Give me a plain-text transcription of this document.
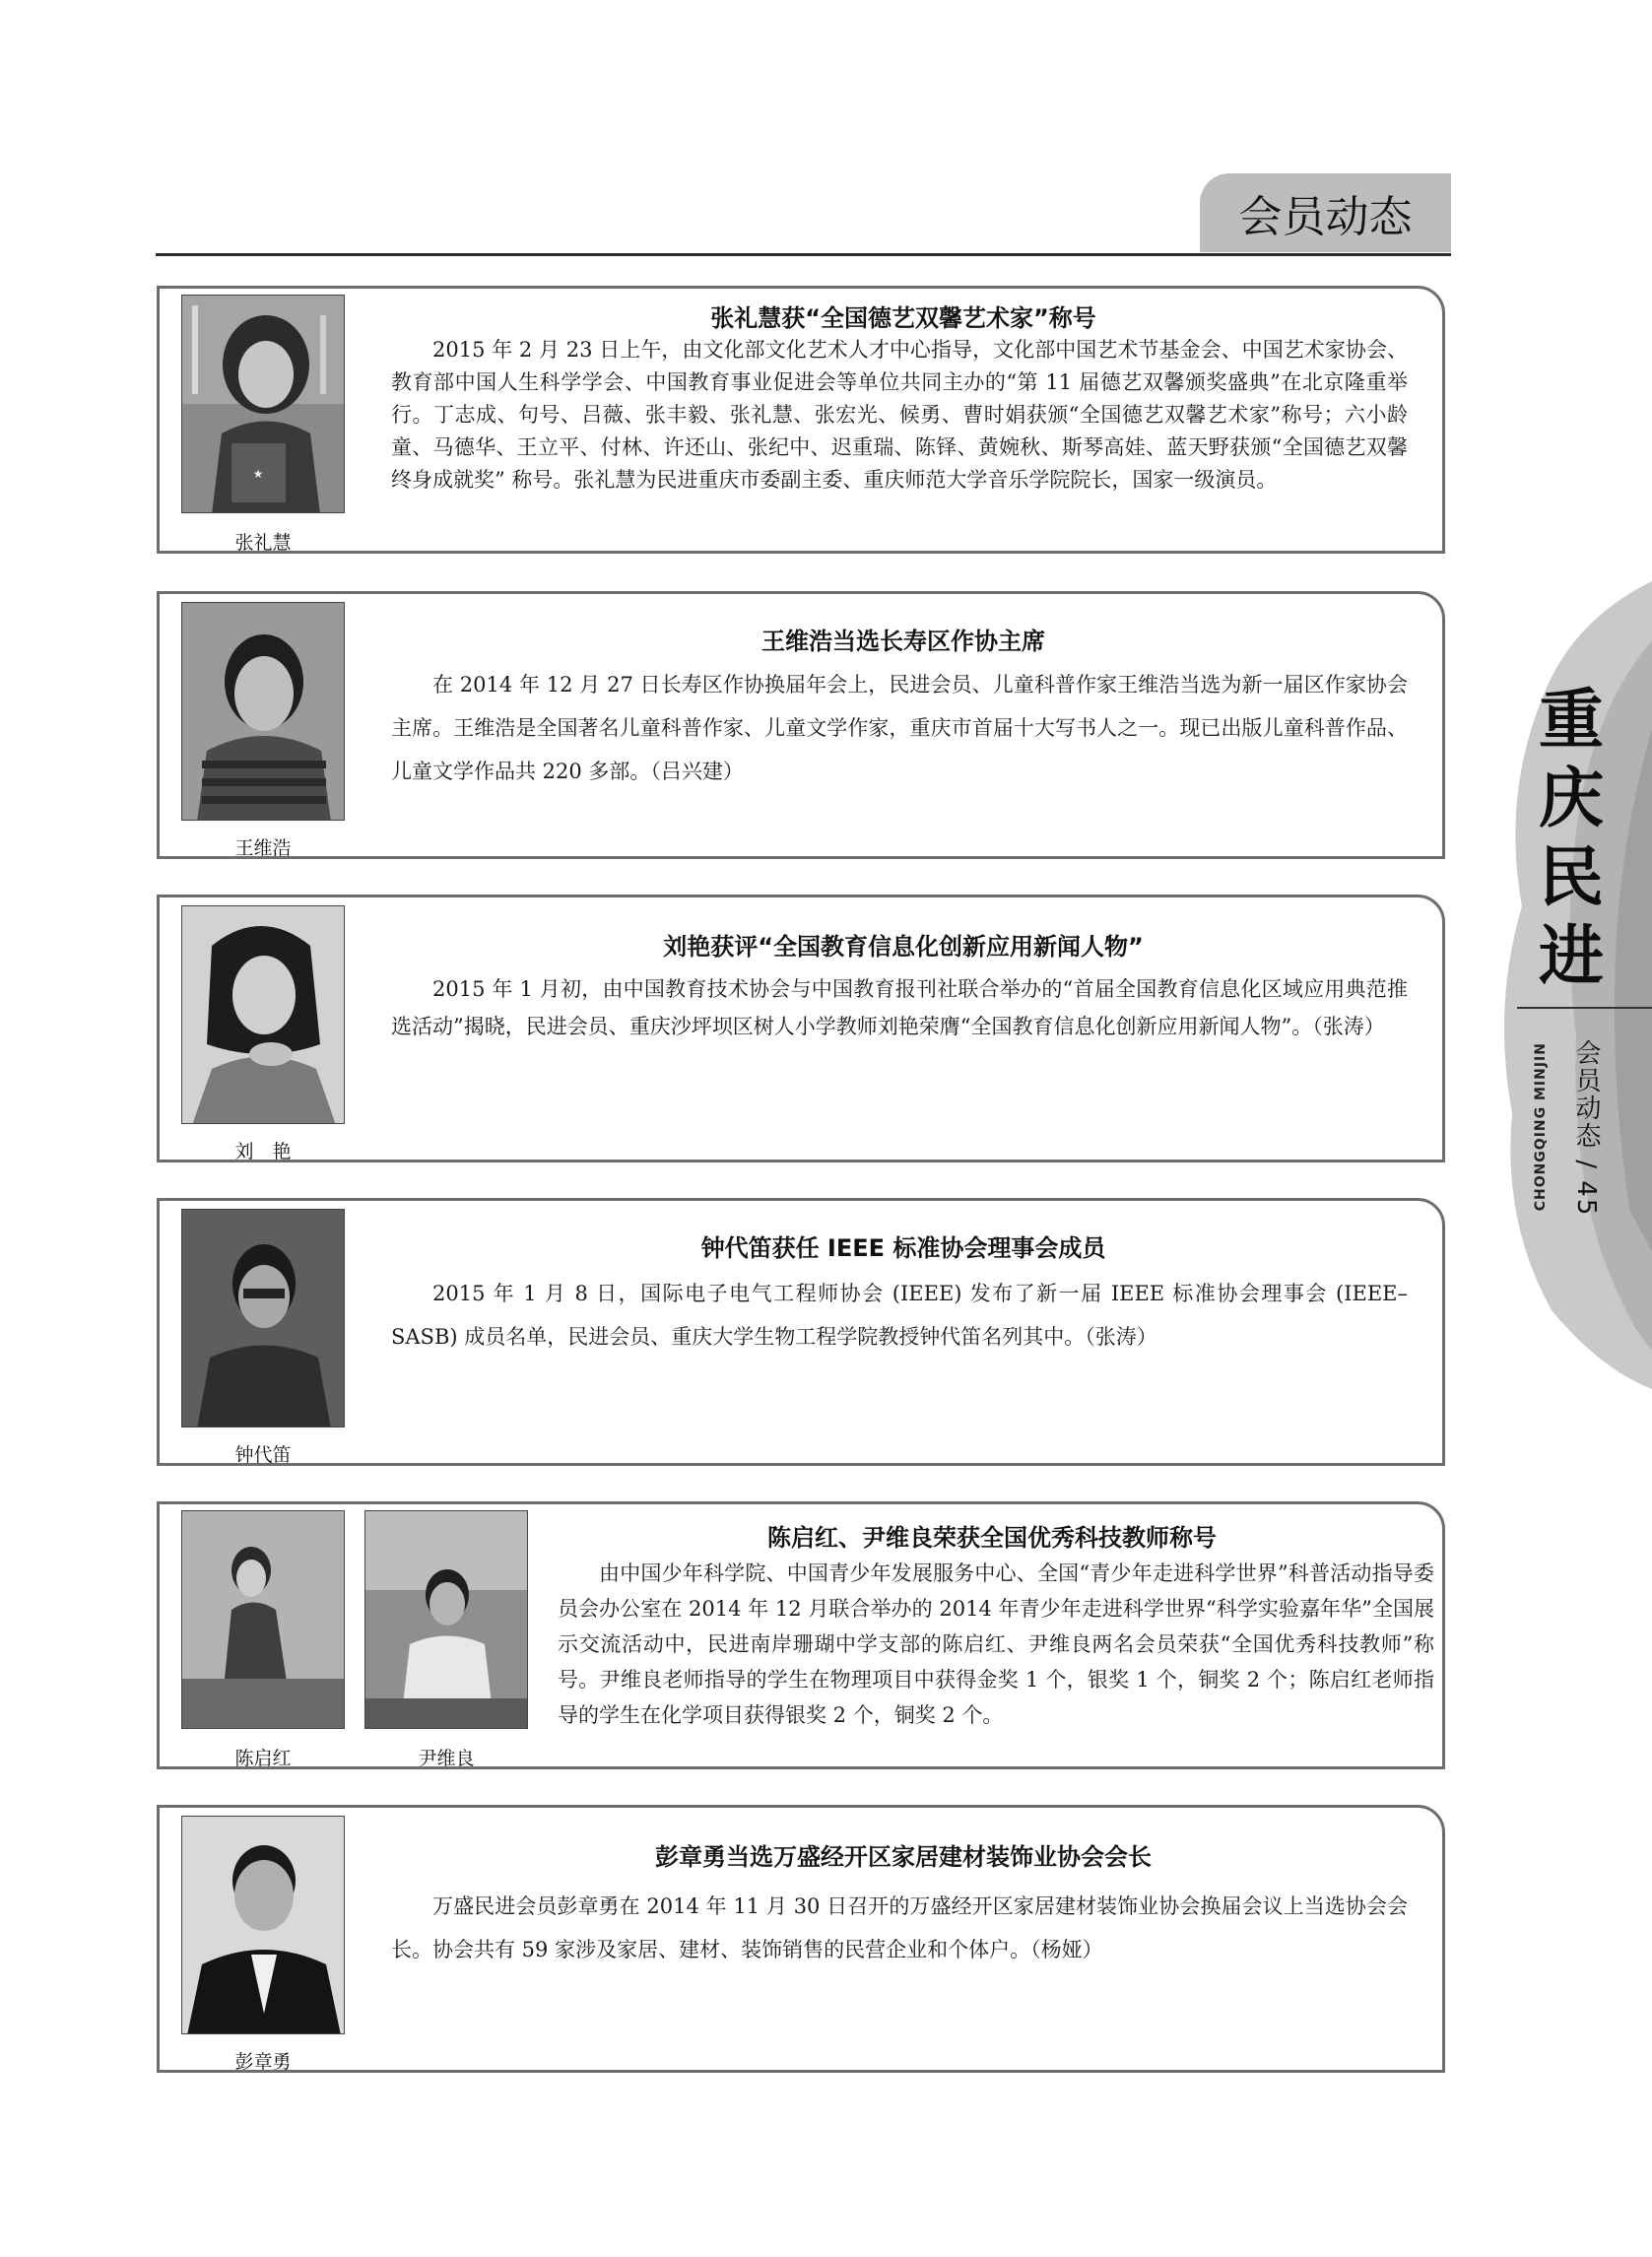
会员动态
★
张礼慧
张礼慧获“全国德艺双馨艺术家”称号

2015 年 2 月 23 日上午，由文化部文化艺术人才中心指导，文化部中国艺术节基金会、中国艺术家协会、教育部中国人生科学学会、中国教育事业促进会等单位共同主办的“第 11 届德艺双馨颁奖盛典”在北京隆重举行。丁志成、句号、吕薇、张丰毅、张礼慧、张宏光、候勇、曹时娟获颁“全国德艺双馨艺术家”称号；六小龄童、马德华、王立平、付林、许还山、张纪中、迟重瑞、陈铎、黄婉秋、斯琴高娃、蓝天野获颁“全国德艺双馨终身成就奖” 称号。张礼慧为民进重庆市委副主委、重庆师范大学音乐学院院长，国家一级演员。

王维浩
王维浩当选长寿区作协主席

在 2014 年 12 月 27 日长寿区作协换届年会上，民进会员、儿童科普作家王维浩当选为新一届区作家协会主席。王维浩是全国著名儿童科普作家、儿童文学作家，重庆市首届十大写书人之一。现已出版儿童科普作品、儿童文学作品共 220 多部。（吕兴建）

刘　艳
刘艳获评“全国教育信息化创新应用新闻人物”

2015 年 1 月初，由中国教育技术协会与中国教育报刊社联合举办的“首届全国教育信息化区域应用典范推选活动”揭晓，民进会员、重庆沙坪坝区树人小学教师刘艳荣膺“全国教育信息化创新应用新闻人物”。（张涛）

钟代笛
钟代笛获任 IEEE 标准协会理事会成员

2015 年 1 月 8 日，国际电子电气工程师协会 (IEEE) 发布了新一届 IEEE 标准协会理事会 (IEEE–SASB) 成员名单，民进会员、重庆大学生物工程学院教授钟代笛名列其中。（张涛）

陈启红	尹维良
陈启红、尹维良荣获全国优秀科技教师称号

由中国少年科学院、中国青少年发展服务中心、全国“青少年走进科学世界”科普活动指导委员会办公室在 2014 年 12 月联合举办的 2014 年青少年走进科学世界“科学实验嘉年华”全国展示交流活动中，民进南岸珊瑚中学支部的陈启红、尹维良两名会员荣获“全国优秀科技教师”称号。尹维良老师指导的学生在物理项目中获得金奖 1 个，银奖 1 个，铜奖 2 个；陈启红老师指导的学生在化学项目获得银奖 2 个，铜奖 2 个。

彭章勇
彭章勇当选万盛经开区家居建材装饰业协会会长

万盛民进会员彭章勇在 2014 年 11 月 30 日召开的万盛经开区家居建材装饰业协会换届会议上当选协会会长。协会共有 59 家涉及家居、建材、装饰销售的民营企业和个体户。（杨娅）

重庆民进
会员动态 / 45
CHONGQING MINJIN
